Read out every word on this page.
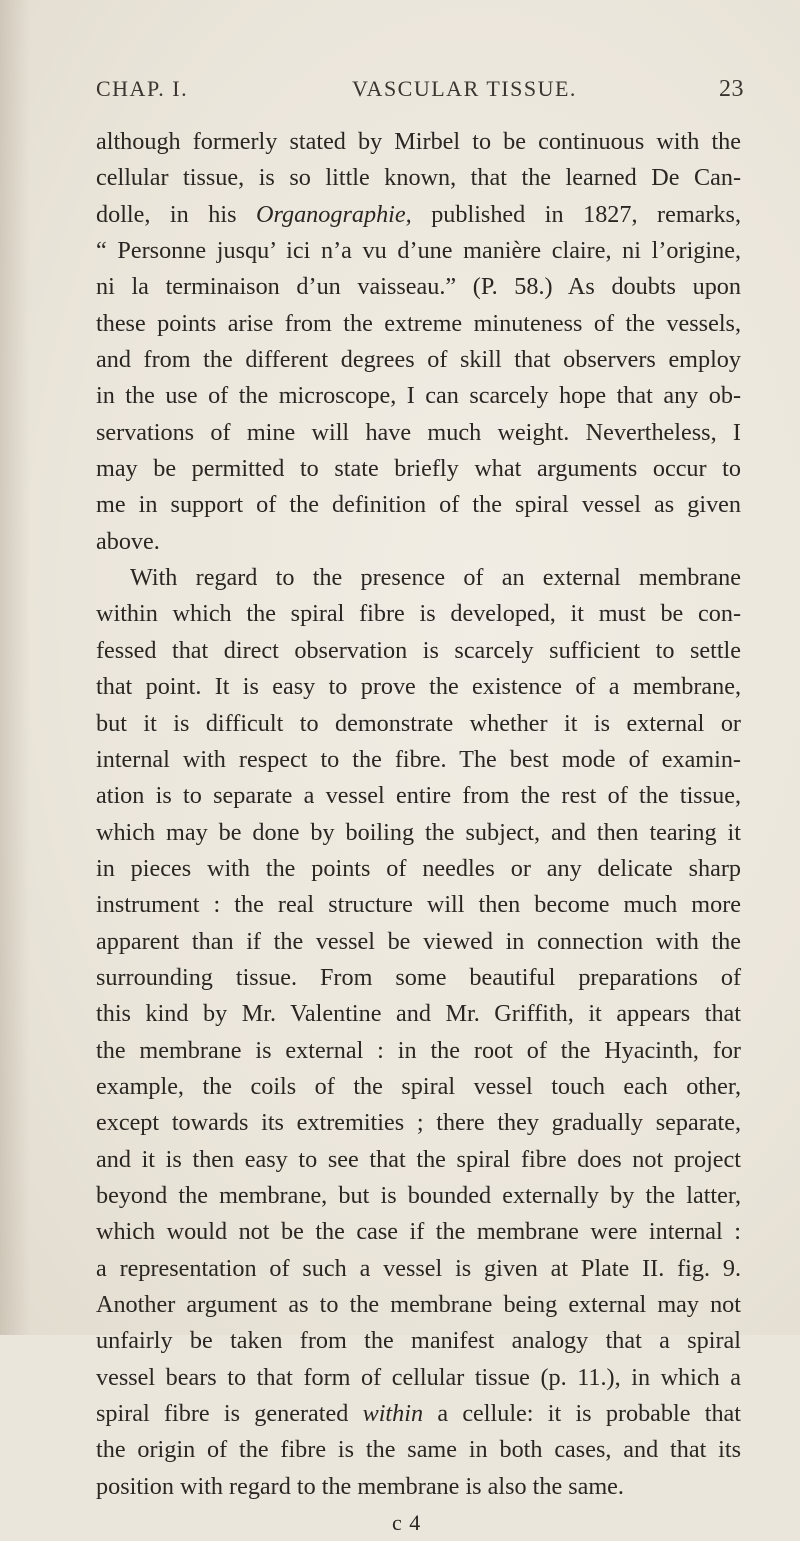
CHAP. I.	VASCULAR TISSUE.	23
although formerly stated by Mirbel to be continuous with the
cellular tissue, is so little known, that the learned De Can-
dolle, in his Organographie, published in 1827, remarks,
“ Personne jusqu’ ici n’a vu d’une manière claire, ni l’origine,
ni la terminaison d’un vaisseau.” (P. 58.) As doubts upon
these points arise from the extreme minuteness of the vessels,
and from the different degrees of skill that observers employ
in the use of the microscope, I can scarcely hope that any ob-
servations of mine will have much weight. Nevertheless, I
may be permitted to state briefly what arguments occur to
me in support of the definition of the spiral vessel as given
above.
With regard to the presence of an external membrane
within which the spiral fibre is developed, it must be con-
fessed that direct observation is scarcely sufficient to settle
that point. It is easy to prove the existence of a membrane,
but it is difficult to demonstrate whether it is external or
internal with respect to the fibre. The best mode of examin-
ation is to separate a vessel entire from the rest of the tissue,
which may be done by boiling the subject, and then tearing it
in pieces with the points of needles or any delicate sharp
instrument : the real structure will then become much more
apparent than if the vessel be viewed in connection with the
surrounding tissue. From some beautiful preparations of
this kind by Mr. Valentine and Mr. Griffith, it appears that
the membrane is external : in the root of the Hyacinth, for
example, the coils of the spiral vessel touch each other,
except towards its extremities ; there they gradually separate,
and it is then easy to see that the spiral fibre does not project
beyond the membrane, but is bounded externally by the latter,
which would not be the case if the membrane were internal :
a representation of such a vessel is given at Plate II. fig. 9.
Another argument as to the membrane being external may not
unfairly be taken from the manifest analogy that a spiral
vessel bears to that form of cellular tissue (p. 11.), in which a
spiral fibre is generated within a cellule: it is probable that
the origin of the fibre is the same in both cases, and that its
position with regard to the membrane is also the same.
c 4
